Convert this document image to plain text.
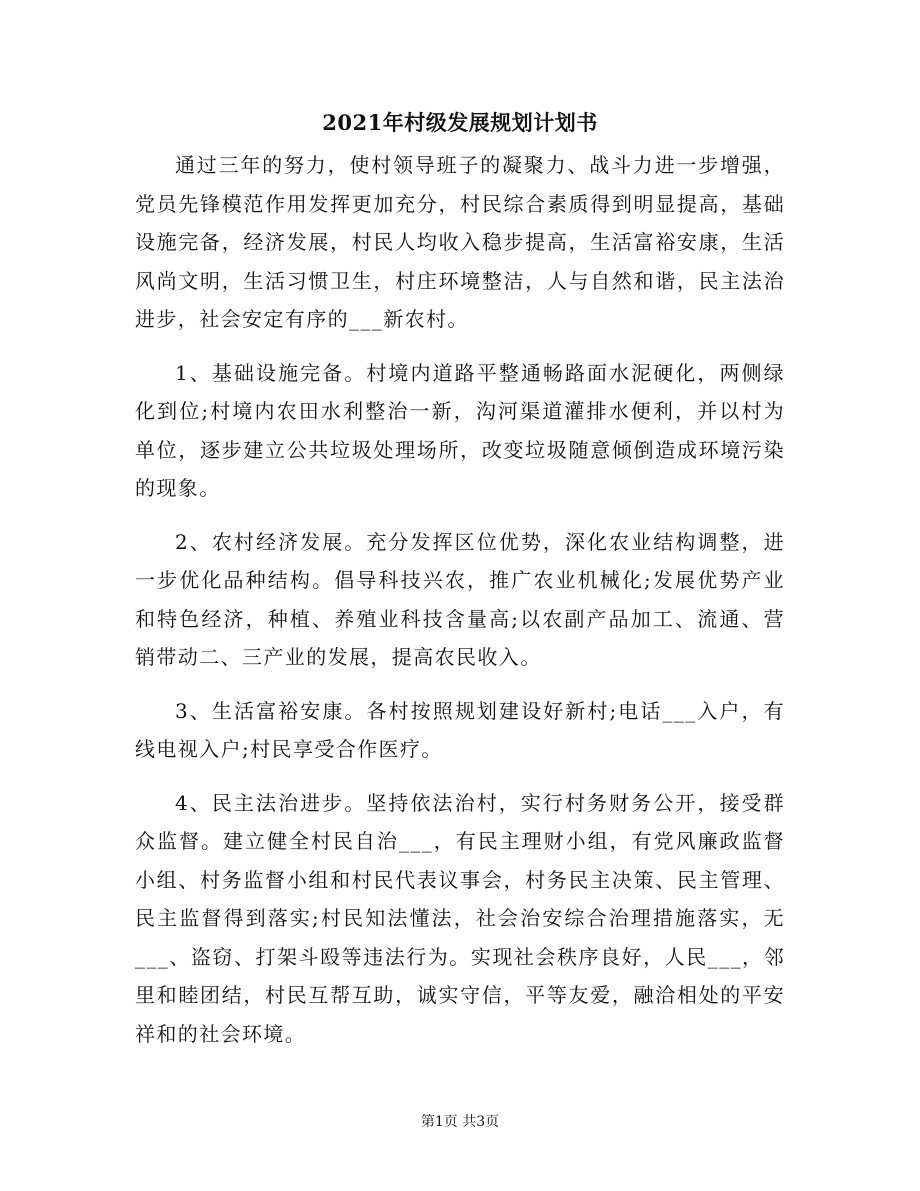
2021年村级发展规划计划书

通过三年的努力，使村领导班子的凝聚力、战斗力进一步增强，党员先锋模范作用发挥更加充分，村民综合素质得到明显提高，基础设施完备，经济发展，村民人均收入稳步提高，生活富裕安康，生活风尚文明，生活习惯卫生，村庄环境整洁，人与自然和谐，民主法治进步，社会安定有序的___新农村。

1、基础设施完备。村境内道路平整通畅路面水泥硬化，两侧绿化到位;村境内农田水利整治一新，沟河渠道灌排水便利，并以村为单位，逐步建立公共垃圾处理场所，改变垃圾随意倾倒造成环境污染的现象。

2、农村经济发展。充分发挥区位优势，深化农业结构调整，进一步优化品种结构。倡导科技兴农，推广农业机械化;发展优势产业和特色经济，种植、养殖业科技含量高;以农副产品加工、流通、营销带动二、三产业的发展，提高农民收入。

3、生活富裕安康。各村按照规划建设好新村;电话___入户，有线电视入户;村民享受合作医疗。

4、民主法治进步。坚持依法治村，实行村务财务公开，接受群众监督。建立健全村民自治___，有民主理财小组，有党风廉政监督小组、村务监督小组和村民代表议事会，村务民主决策、民主管理、民主监督得到落实;村民知法懂法，社会治安综合治理措施落实，无___、盗窃、打架斗殴等违法行为。实现社会秩序良好，人民___，邻里和睦团结，村民互帮互助，诚实守信，平等友爱，融洽相处的平安祥和的社会环境。

第1页 共3页
